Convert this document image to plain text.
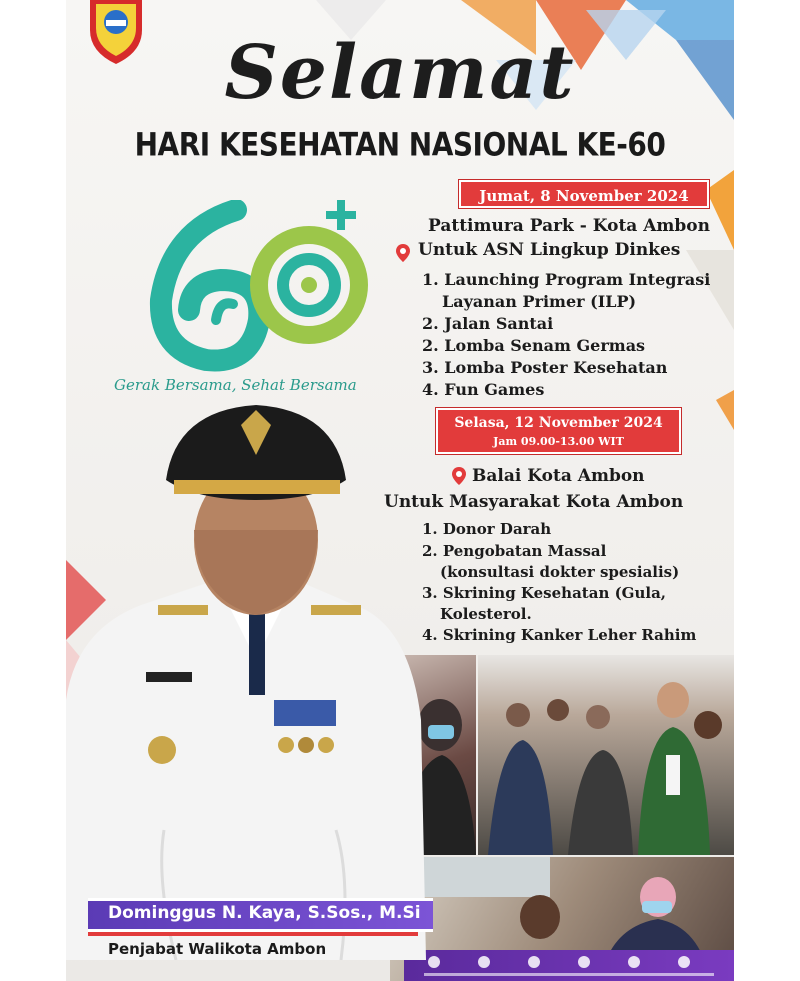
Selamat
HARI KESEHATAN NASIONAL KE-60
Gerak Bersama, Sehat Bersama
Jumat, 8 November 2024
Pattimura Park - Kota Ambon
Untuk ASN Lingkup Dinkes
1. Launching Program Integrasi
Layanan Primer (ILP)
2. Jalan Santai
2. Lomba Senam Germas
3. Lomba Poster Kesehatan
4. Fun Games
Selasa, 12 November 2024
Jam 09.00-13.00 WIT
Balai Kota Ambon
Untuk Masyarakat Kota Ambon
1. Donor Darah
2. Pengobatan Massal
(konsultasi dokter spesialis)
3. Skrining Kesehatan (Gula,
Kolesterol.
4. Skrining Kanker Leher Rahim
Dominggus N. Kaya, S.Sos., M.Si
Penjabat Walikota Ambon
